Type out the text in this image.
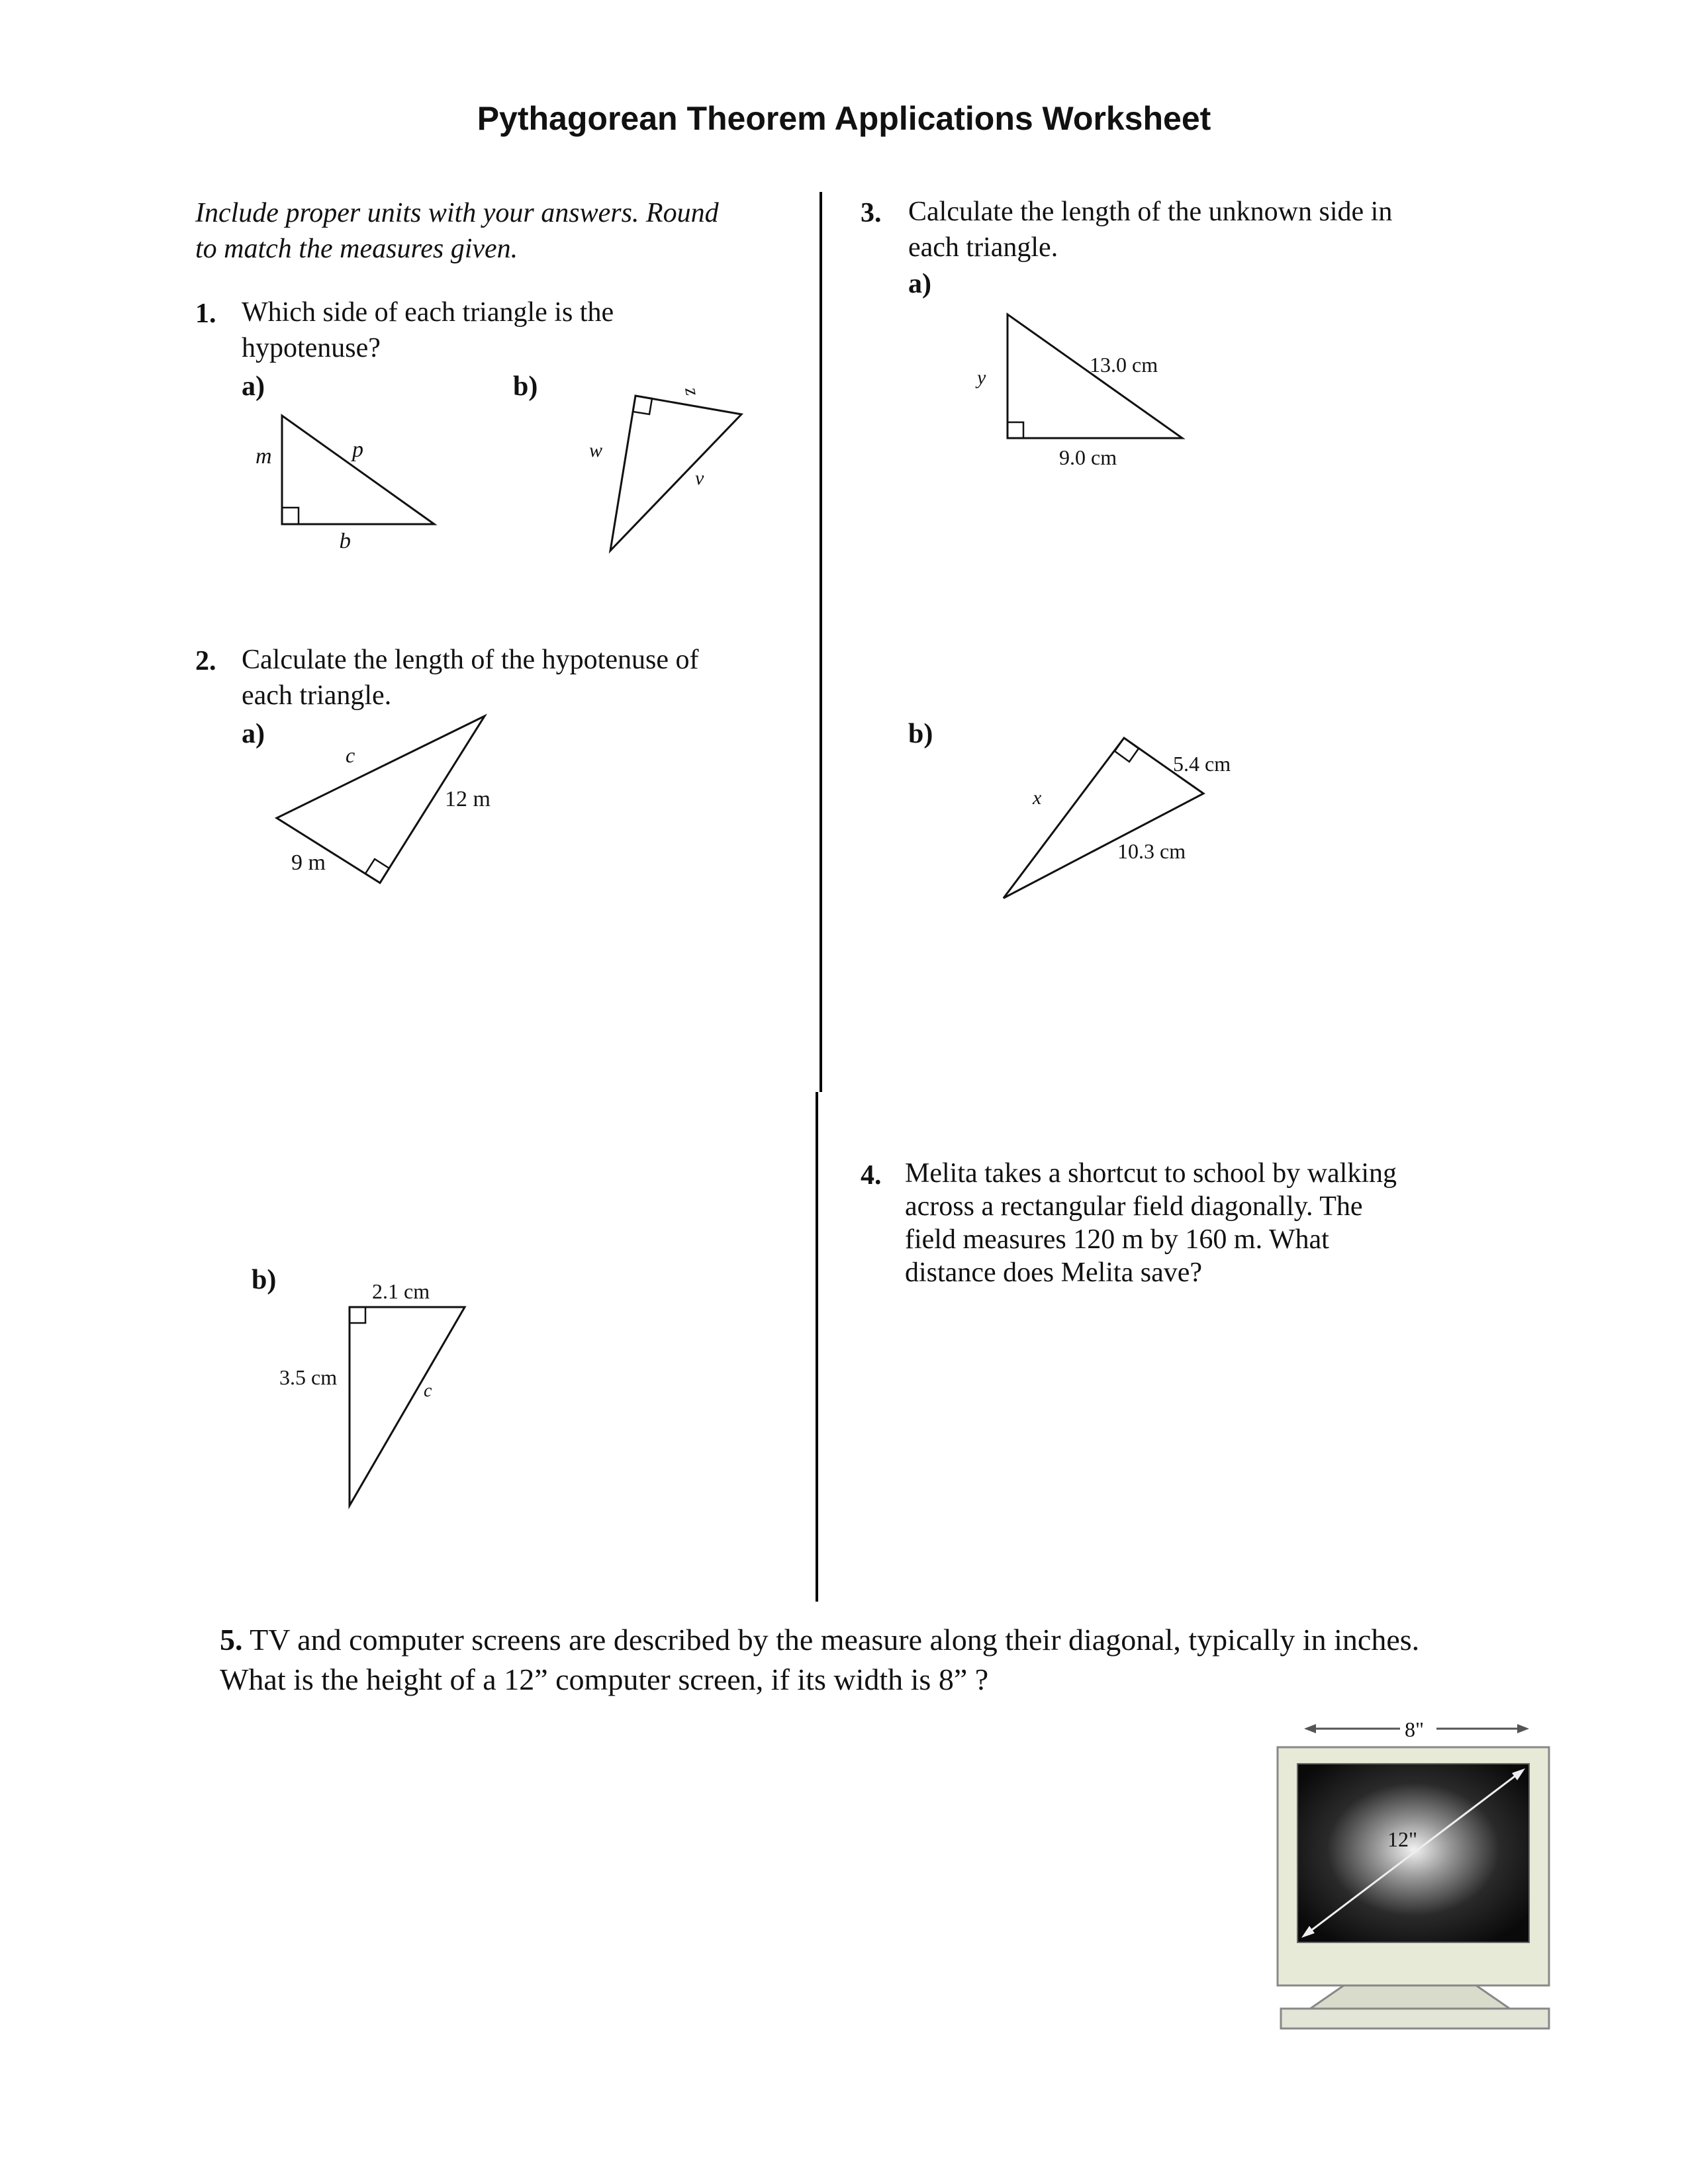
Pythagorean Theorem Applications Worksheet
Include proper units with your answers. Round
to match the measures given.
1. Which side of each triangle is the
hypotenuse?
a)	b)
m	p
q
w
z
v
2. Calculate the length of the hypotenuse of
each triangle.
a)
c
12 m
9 m
b)	2.1 cm
3.5 cm
c
3. Calculate the length of the unknown side in
each triangle.
a)
13.0 cm
9.0 cm
y
b)
5.4 cm
10.3 cm
x
4. Melita takes a shortcut to school by walking
across a rectangular field diagonally. The
field measures 120 m by 160 m. What
distance does Melita save?
5. TV and computer screens are described by the measure along their diagonal, typically in inches.
What is the height of a 12” computer screen, if its width is 8” ?
8"
12"
